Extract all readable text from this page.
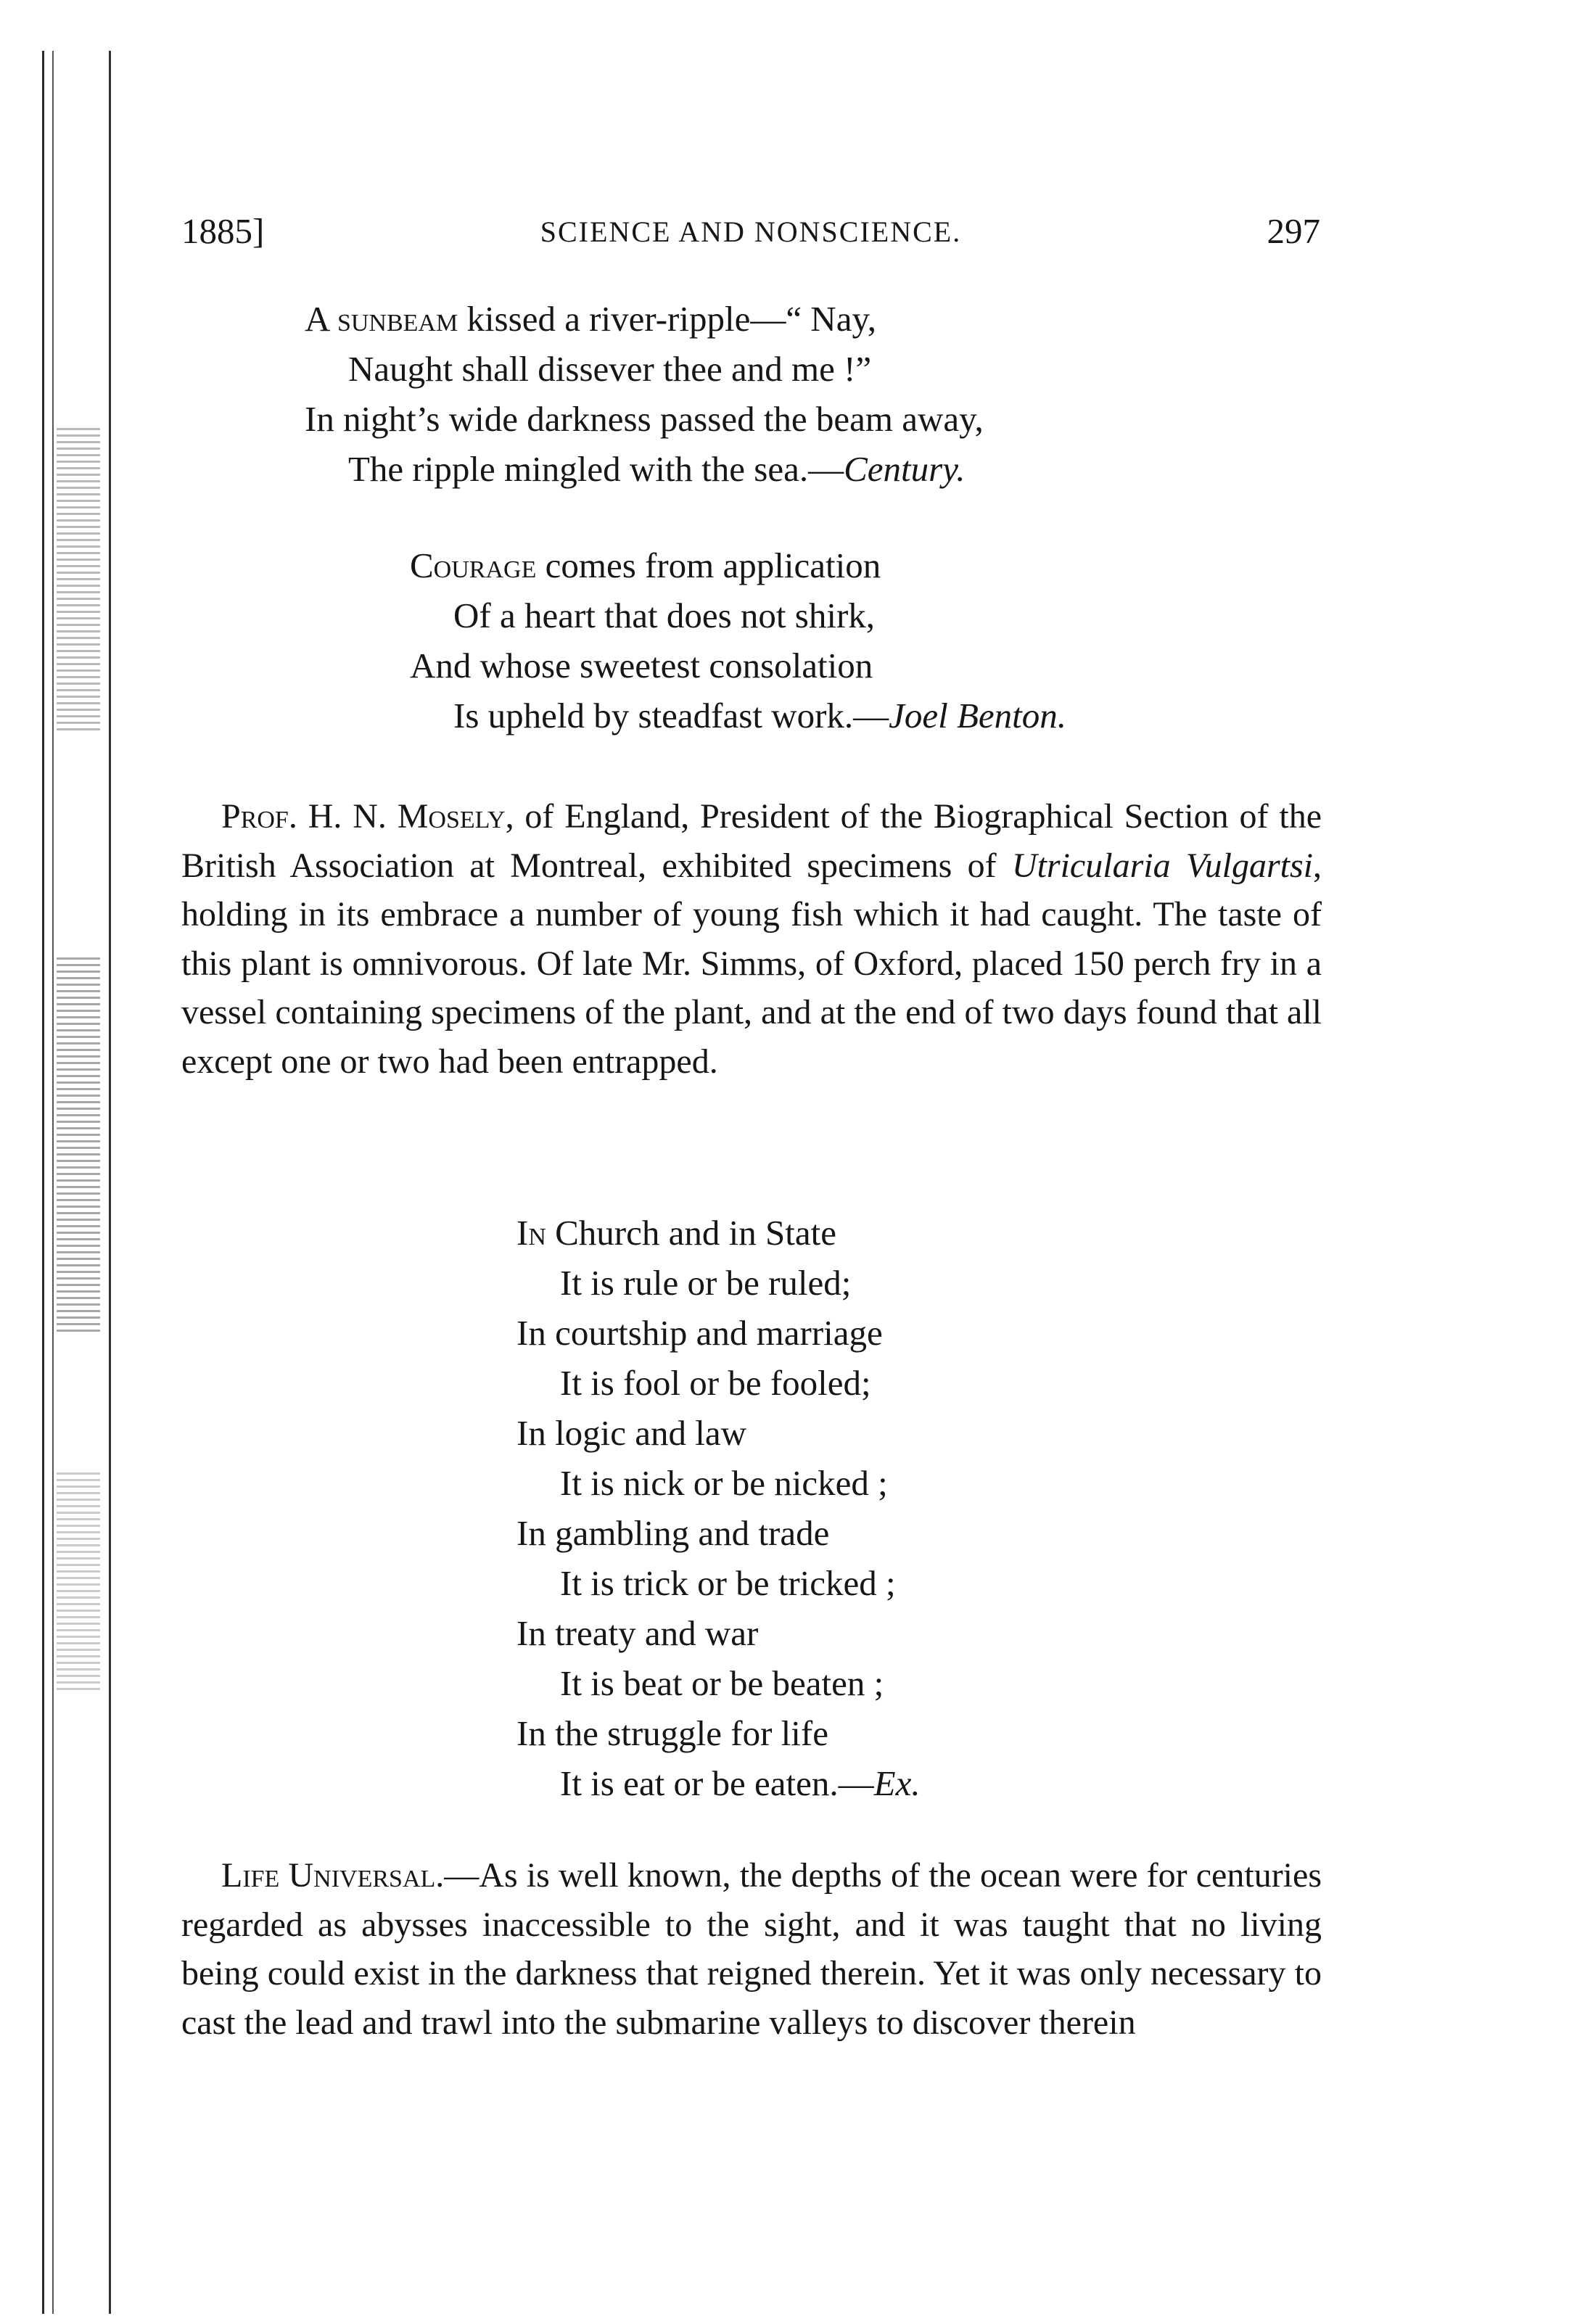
1885]	SCIENCE AND NONSCIENCE.	297
A sunbeam kissed a river-ripple—“ Nay,
Naught shall dissever thee and me !”
In night’s wide darkness passed the beam away,
The ripple mingled with the sea.—Century.
Courage comes from application
Of a heart that does not shirk,
And whose sweetest consolation
Is upheld by steadfast work.—Joel Benton.

Prof. H. N. Mosely, of England, President of the Biographical Section of the British Association at Montreal, exhibited specimens of Utricularia Vulgartsi, holding in its embrace a number of young fish which it had caught. The taste of this plant is omnivorous. Of late Mr. Simms, of Oxford, placed 150 perch fry in a vessel containing specimens of the plant, and at the end of two days found that all except one or two had been entrapped.

In Church and in State
It is rule or be ruled;
In courtship and marriage
It is fool or be fooled;
In logic and law
It is nick or be nicked ;
In gambling and trade
It is trick or be tricked ;
In treaty and war
It is beat or be beaten ;
In the struggle for life
It is eat or be eaten.—Ex.

Life Universal.—As is well known, the depths of the ocean were for centuries regarded as abysses inaccessible to the sight, and it was taught that no living being could exist in the darkness that reigned therein. Yet it was only necessary to cast the lead and trawl into the submarine valleys to discover therein
